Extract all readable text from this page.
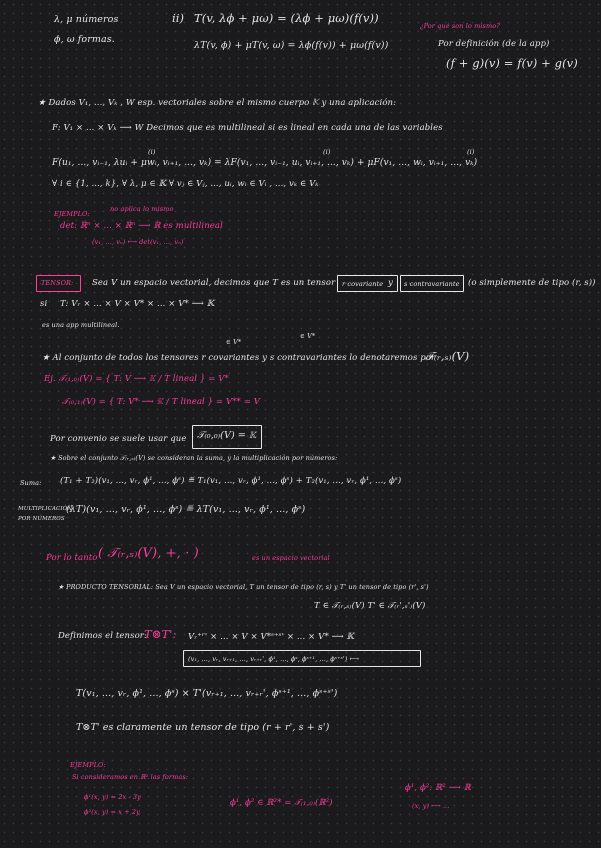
λ, μ números
ϕ, ω formas.
ii) T(v, λϕ + μω) = (λϕ + μω)(f(v))
λT(v, ϕ) + μT(v, ω) = λϕ(f(v)) + μω(f(v))
¿Por qué son lo mismo?
Por definición (de la app)
(f + g)(v) = f(v) + g(v)
★ Dados V₁, ..., Vₖ , W esp. vectoriales sobre el mismo cuerpo 𝕂 y una aplicación:
F: V₁ × ... × Vₖ ⟶ W Decimos que es multilineal si es lineal en cada una de las variables
(i)	(i)	(i)
F(u₁, ..., vᵢ₋₁, λuᵢ + μwᵢ, vᵢ₊₁, ..., vₖ) = λF(v₁, ..., vᵢ₋₁, uᵢ, vᵢ₊₁, ..., vₖ) + μF(v₁, ..., wᵢ, vᵢ₊₁, ..., vₖ)
∀ i ∈ {1, ..., k}, ∀ λ, μ ∈ 𝕂 ∀ vⱼ ∈ Vⱼ, ..., uᵢ, wᵢ ∈ Vᵢ , ..., vₖ ∈ Vₖ
EJEMPLO:
no aplica lo mismo
det: ℝⁿ × ... × ℝⁿ ⟶ ℝ es multilineal
(v₁, ..., vₙ) ⟼ det(v₁, ..., vₙ)
TENSOR: Sea V un espacio vectorial, decimos que T es un tensor r covariante y s contravariante (o simplemente de tipo (r, s))
si T: Vᵣ × ... × V × V* × ... × V* ⟶ 𝕂
es una app multilineal.
∈ V*
∈ V*
★ Al conjunto de todos los tensores r covariantes y s contravariantes lo denotaremos por
𝒯₍ᵣ,ₛ₎(V)
Ej. 𝒯₍₁,₀₎(V) = { T: V ⟶ 𝕂 / T lineal } = V*
𝒯₍₀,₁₎(V) = { T: V* ⟶ 𝕂 / T lineal } = V** = V
Por convenio se suele usar que 𝒯₍₀,₀₎(V) = 𝕂
★ Sobre el conjunto 𝒯₍ᵣ,ₛ₎(V) se consideran la suma, y la multiplicación por números:
Suma: (T₁ + T₂)(v₁, ..., vᵣ, ϕ¹, ..., ϕˢ) ≝ T₁(v₁, ..., vᵣ, ϕ¹, ..., ϕˢ) + T₂(v₁, ..., vᵣ, ϕ¹, ..., ϕˢ)
MULTIPLICACIÓN
POR NÚMEROS
(λT)(v₁, ..., vᵣ, ϕ¹, ..., ϕˢ) ≝ λT(v₁, ..., vᵣ, ϕ¹, ..., ϕˢ)
Por lo tanto ( 𝒯₍ᵣ,ₛ₎(V), +, · )	es un espacio vectorial
★ PRODUCTO TENSORIAL: Sea V un espacio vectorial, T un tensor de tipo (r, s) y T' un tensor de tipo (r', s')
T ∈ 𝒯₍ᵣ,ₛ₎(V) T' ∈ 𝒯₍ᵣ',ₛ'₎(V)
Definimos el tensor:
T⊗T': Vᵣ⁺ʳ' × ... × V × V*ˢ⁺ˢ' × ... × V* ⟶ 𝕂
(v₁, ..., vᵣ, vᵣ₊₁, ..., vᵣ₊ᵣ', ϕ¹, ..., ϕˢ, ϕˢ⁺¹, ..., ϕˢ⁺ˢ') ⟼
T(v₁, ..., vᵣ, ϕ¹, ..., ϕˢ) × T'(vᵣ₊₁, ..., vᵣ₊ᵣ', ϕˢ⁺¹, ..., ϕˢ⁺ˢ')
T⊗T' es claramente un tensor de tipo (r + r', s + s')
EJEMPLO:
Si consideramos en ℝ² las formas:
ϕ¹(x, y) = 2x - 3y
ϕ²(x, y) = x + 2y
ϕ¹, ϕ² ∈ ℝ²* = 𝒯₍₁,₀₎(ℝ²)
ϕ¹, ϕ²: ℝ² ⟶ ℝ
(x, y) ⟼ ...
